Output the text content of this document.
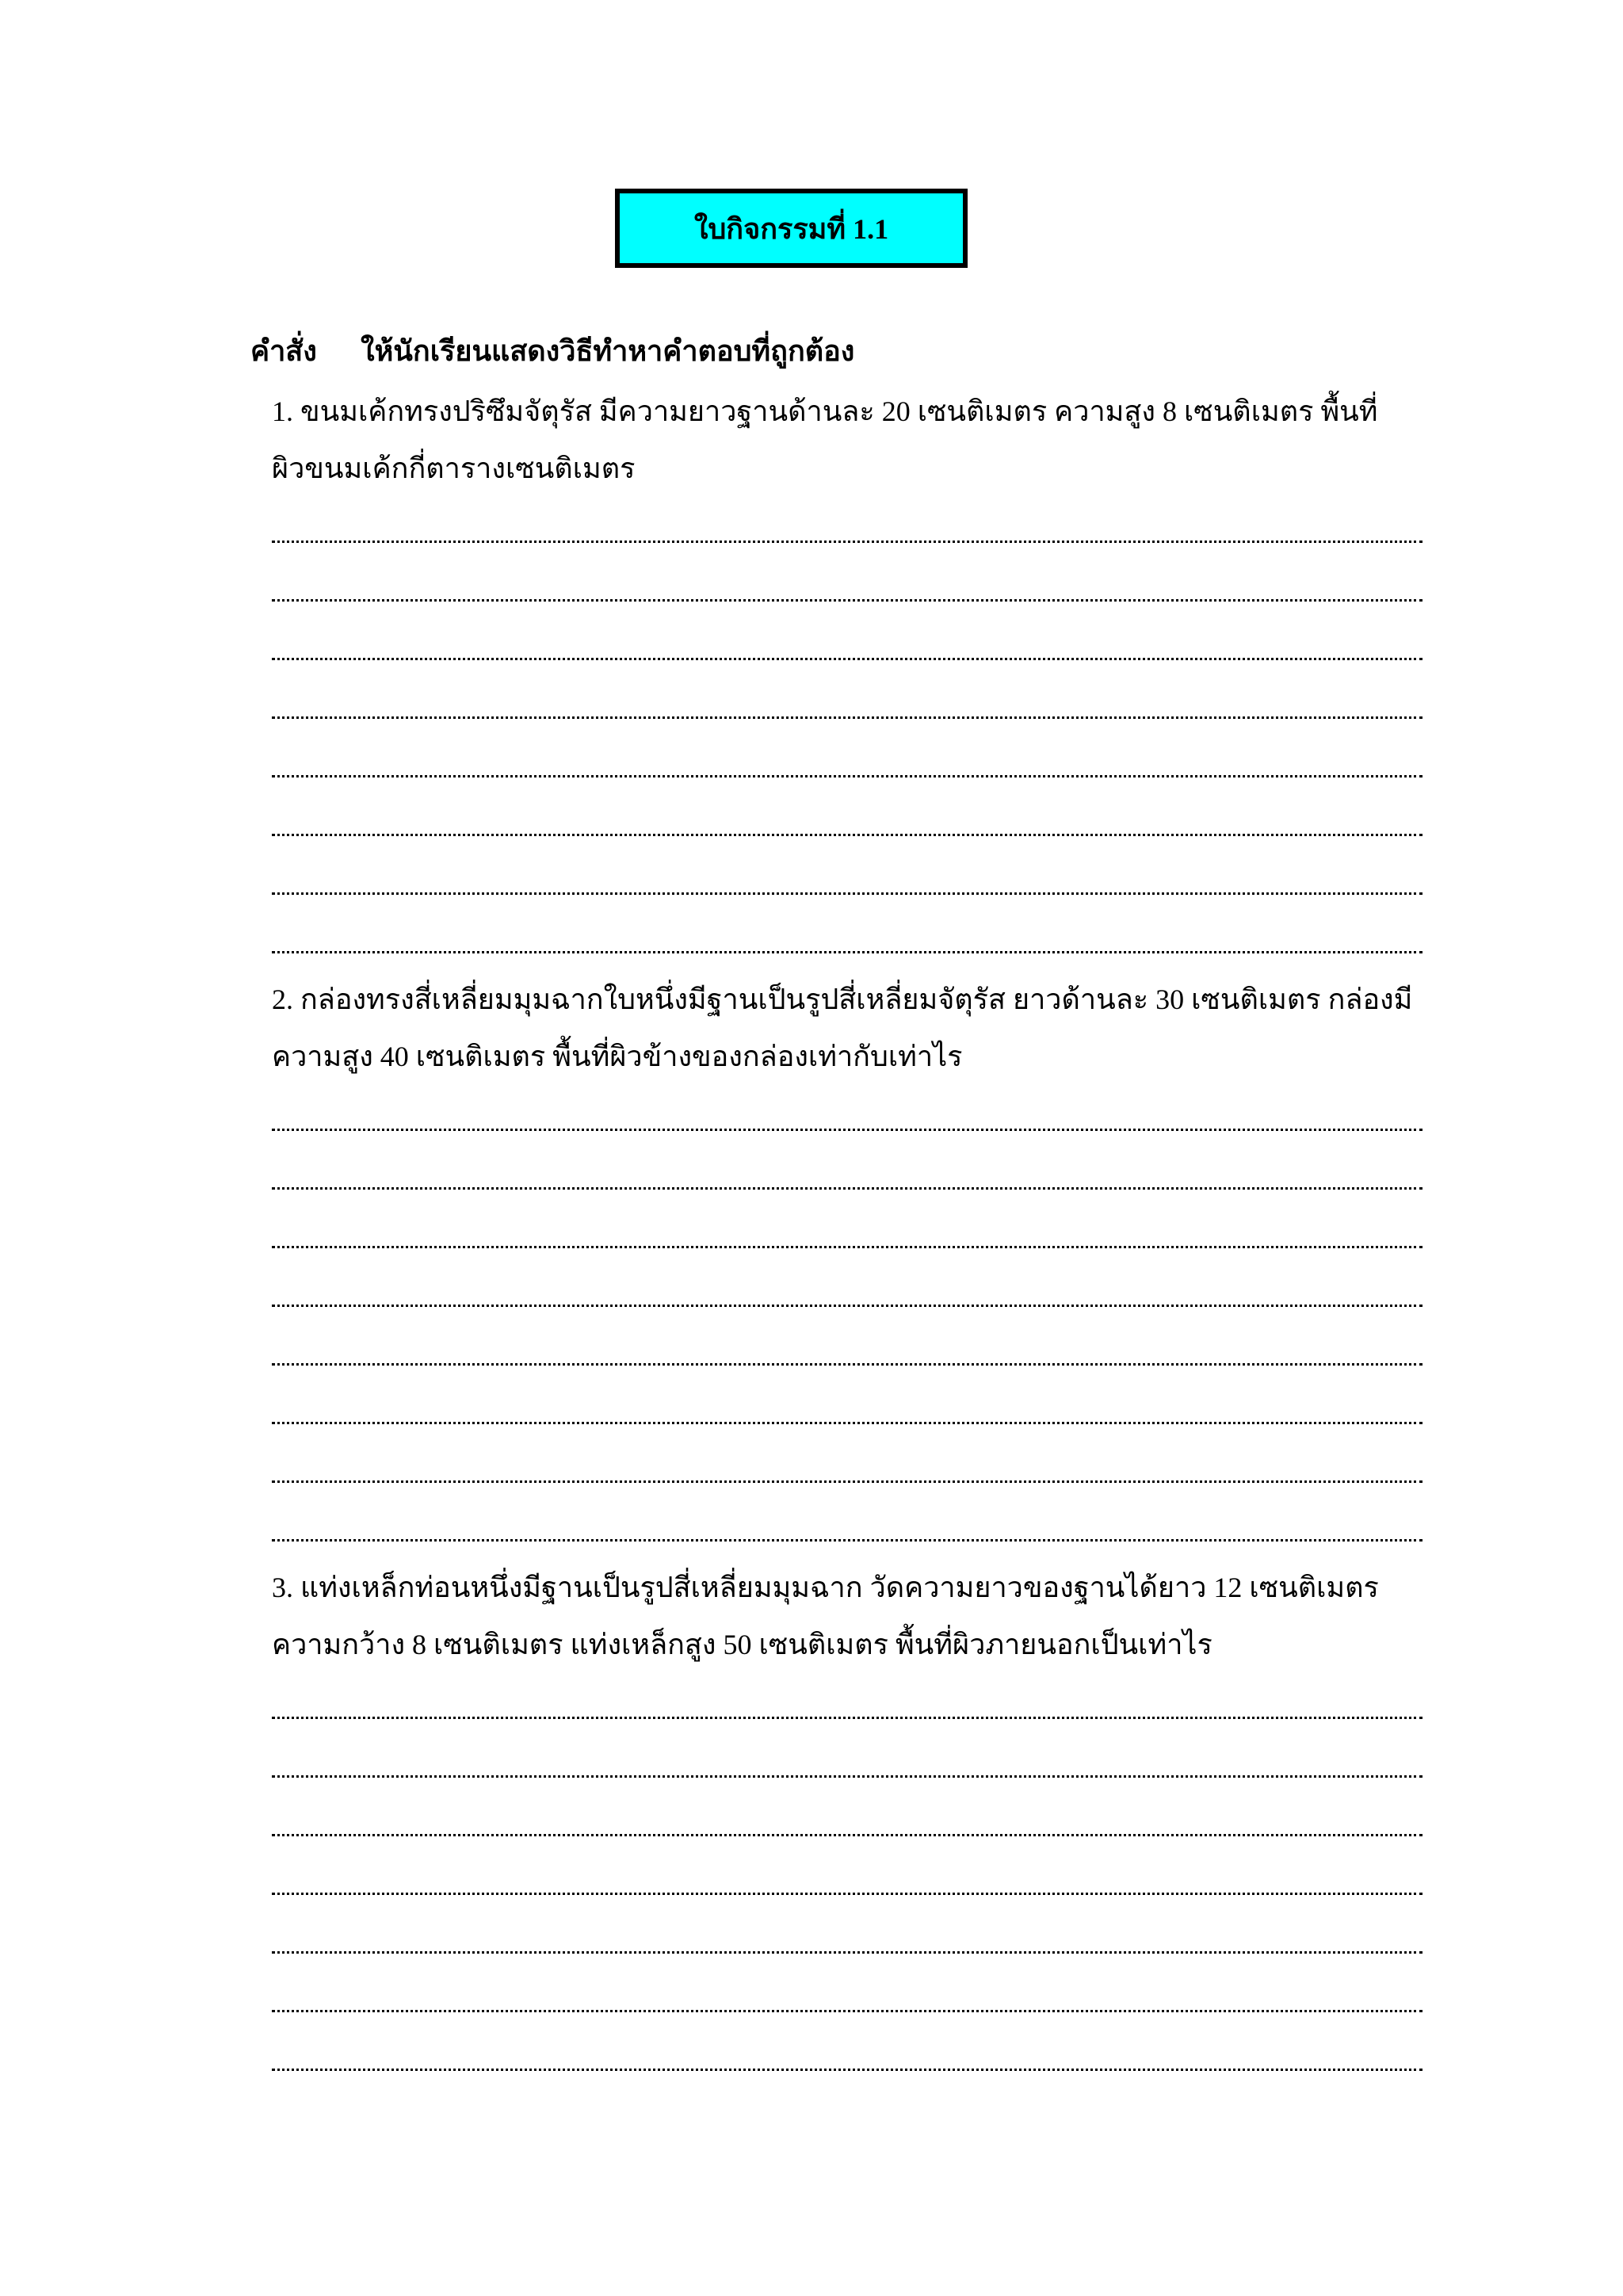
ใบกิจกรรมที่ 1.1
คำสั่ง ให้นักเรียนแสดงวิธีทำหาคำตอบที่ถูกต้อง
1. ขนมเค้กทรงปริซึมจัตุรัส มีความยาวฐานด้านละ 20 เซนติเมตร ความสูง 8 เซนติเมตร พื้นที่
ผิวขนมเค้กกี่ตารางเซนติเมตร
2. กล่องทรงสี่เหลี่ยมมุมฉากใบหนึ่งมีฐานเป็นรูปสี่เหลี่ยมจัตุรัส ยาวด้านละ 30 เซนติเมตร กล่องมี
ความสูง 40 เซนติเมตร พื้นที่ผิวข้างของกล่องเท่ากับเท่าไร
3. แท่งเหล็กท่อนหนึ่งมีฐานเป็นรูปสี่เหลี่ยมมุมฉาก วัดความยาวของฐานได้ยาว 12 เซนติเมตร
ความกว้าง 8 เซนติเมตร แท่งเหล็กสูง 50 เซนติเมตร พื้นที่ผิวภายนอกเป็นเท่าไร
